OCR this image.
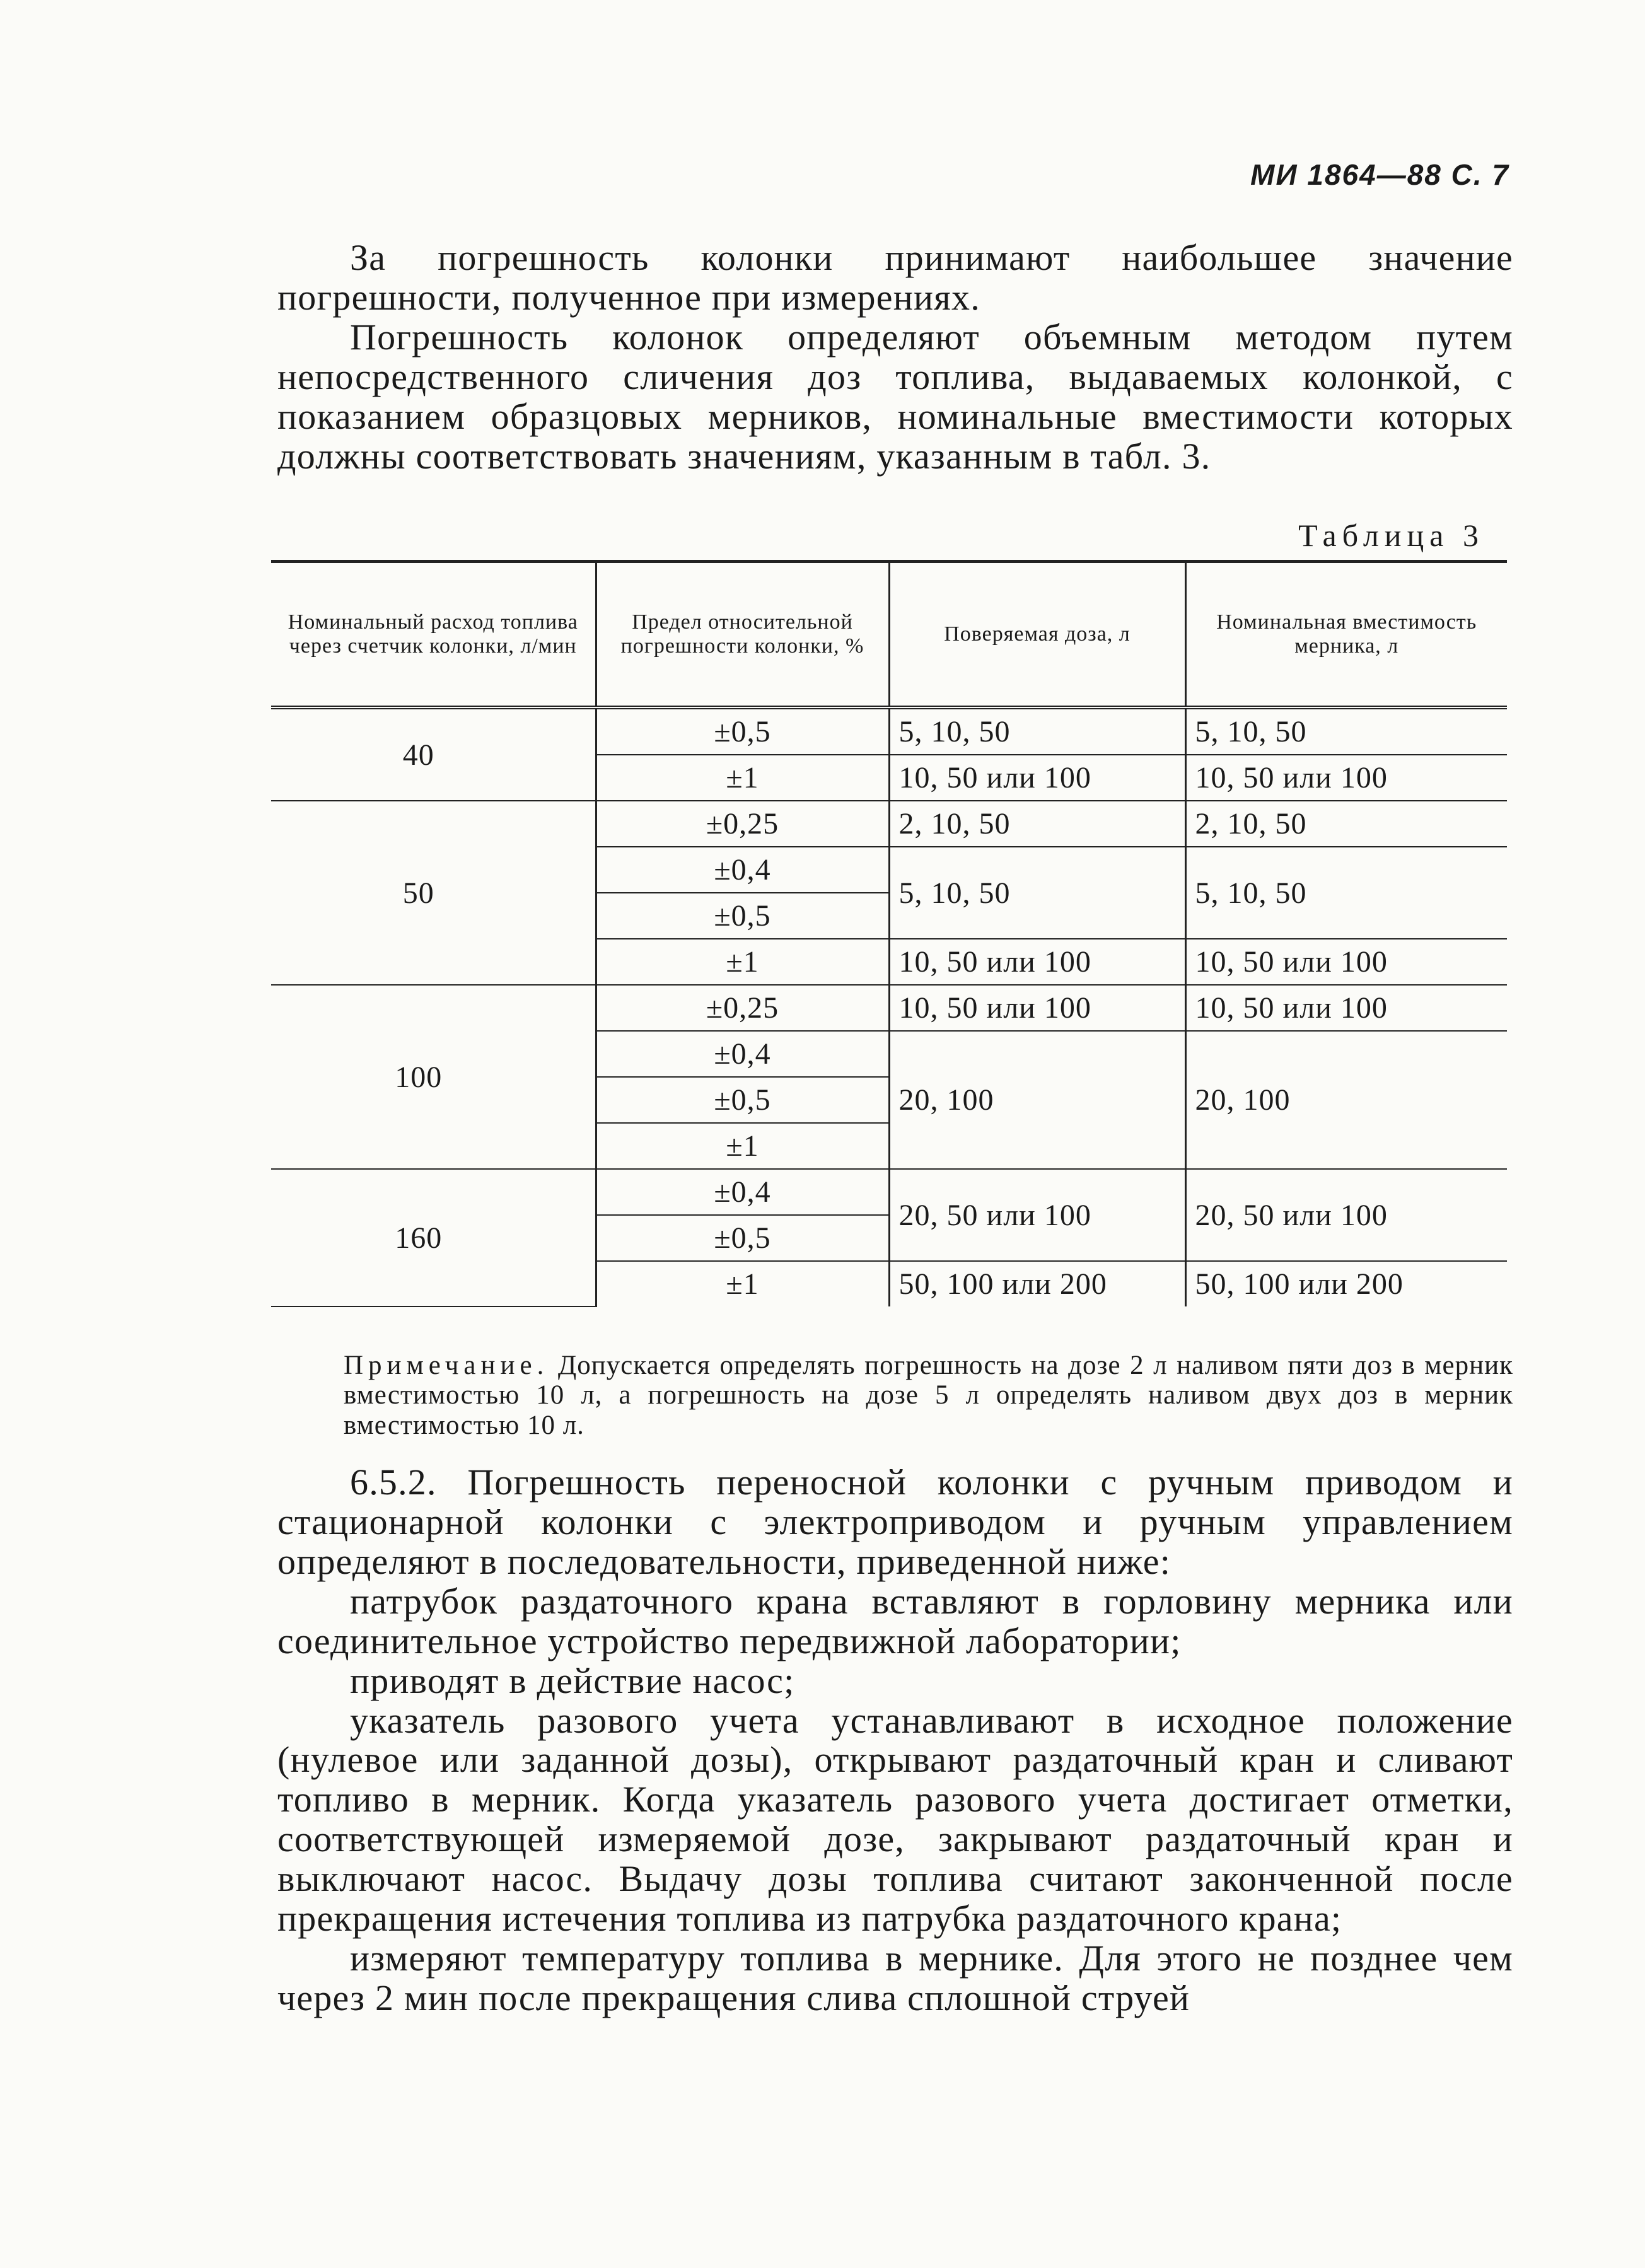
МИ 1864—88 С. 7

За погрешность колонки принимают наибольшее значение погрешности, полученное при измерениях.

Погрешность колонок определяют объемным методом путем непосредственного сличения доз топлива, выдаваемых колонкой, с показанием образцовых мерников, номинальные вместимости которых должны соответствовать значениям, указанным в табл. 3.

Таблица 3
Номинальный расход топлива через счетчик колонки, л/мин	Предел относительной погрешности колонки, %	Поверяемая доза, л	Номинальная вместимость мерника, л
40	±0,5	5, 10, 50	5, 10, 50
	±1	10, 50 или 100	10, 50 или 100
50	±0,25	2, 10, 50	2, 10, 50
	±0,4	5, 10, 50	5, 10, 50
	±0,5		
	±1	10, 50 или 100	10, 50 или 100
100	±0,25	10, 50 или 100	10, 50 или 100
	±0,4	20, 100	20, 100
	±0,5		
	±1		
160	±0,4	20, 50 или 100	20, 50 или 100
	±0,5		
	±1	50, 100 или 200	50, 100 или 200
Примечание. Допускается определять погрешность на дозе 2 л наливом пяти доз в мерник вместимостью 10 л, а погрешность на дозе 5 л определять наливом двух доз в мерник вместимостью 10 л.

6.5.2. Погрешность переносной колонки с ручным приводом и стационарной колонки с электроприводом и ручным управлением определяют в последовательности, приведенной ниже:

патрубок раздаточного крана вставляют в горловину мерника или соединительное устройство передвижной лаборатории;

приводят в действие насос;

указатель разового учета устанавливают в исходное положение (нулевое или заданной дозы), открывают раздаточный кран и сливают топливо в мерник. Когда указатель разового учета достигает отметки, соответствующей измеряемой дозе, закрывают раздаточный кран и выключают насос. Выдачу дозы топлива считают законченной после прекращения истечения топлива из патрубка раздаточного крана;

измеряют температуру топлива в мернике. Для этого не позднее чем через 2 мин после прекращения слива сплошной струей
